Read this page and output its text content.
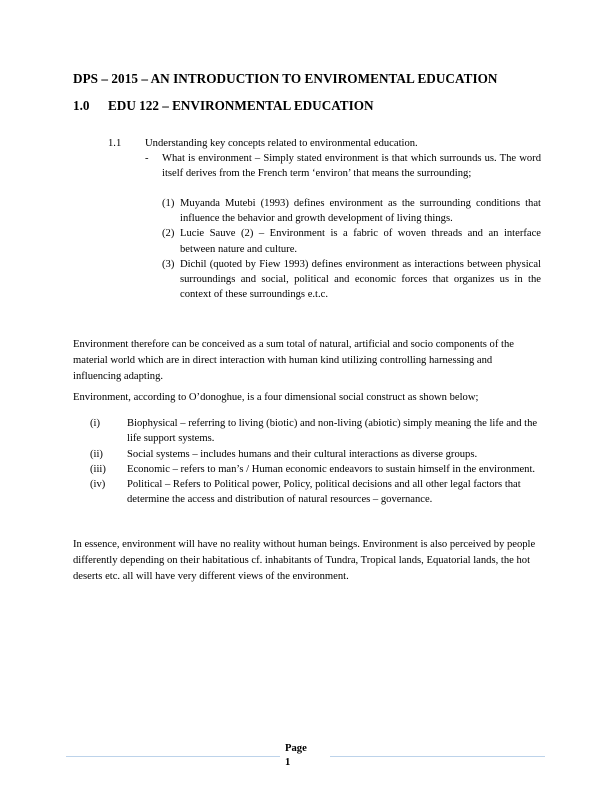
DPS – 2015 – AN INTRODUCTION TO ENVIROMENTAL EDUCATION
1.0 EDU 122 – ENVIRONMENTAL EDUCATION
1.1 Understanding key concepts related to environmental education.
- What is environment – Simply stated environment is that which surrounds us. The word itself derives from the French term ‘environ’ that means the surrounding;
(1) Muyanda Mutebi (1993) defines environment as the surrounding conditions that influence the behavior and growth development of living things.
(2) Lucie Sauve (2) – Environment is a fabric of woven threads and an interface between nature and culture.
(3) Dichil (quoted by Fiew 1993) defines environment as interactions between physical surroundings and social, political and economic forces that organizes us in the context of these surroundings e.t.c.
Environment therefore can be conceived as a sum total of natural, artificial and socio components of the material world which are in direct interaction with human kind utilizing controlling harnessing and influencing adapting.
Environment, according to O’donoghue, is a four dimensional social construct as shown below;
(i)	Biophysical – referring to living (biotic) and non-living (abiotic) simply meaning the life and the life support systems.
(ii) Social systems – includes humans and their cultural interactions as diverse groups.
(iii) Economic – refers to man’s / Human economic endeavors to sustain himself in the environment.
(iv) Political – Refers to Political power, Policy, political decisions and all other legal factors that determine the access and distribution of natural resources – governance.
In essence, environment will have no reality without human beings. Environment is also perceived by people differently depending on their habitatious cf. inhabitants of Tundra, Tropical lands, Equatorial lands, the hot deserts etc. all will have very different views of the environment.
Page
1
